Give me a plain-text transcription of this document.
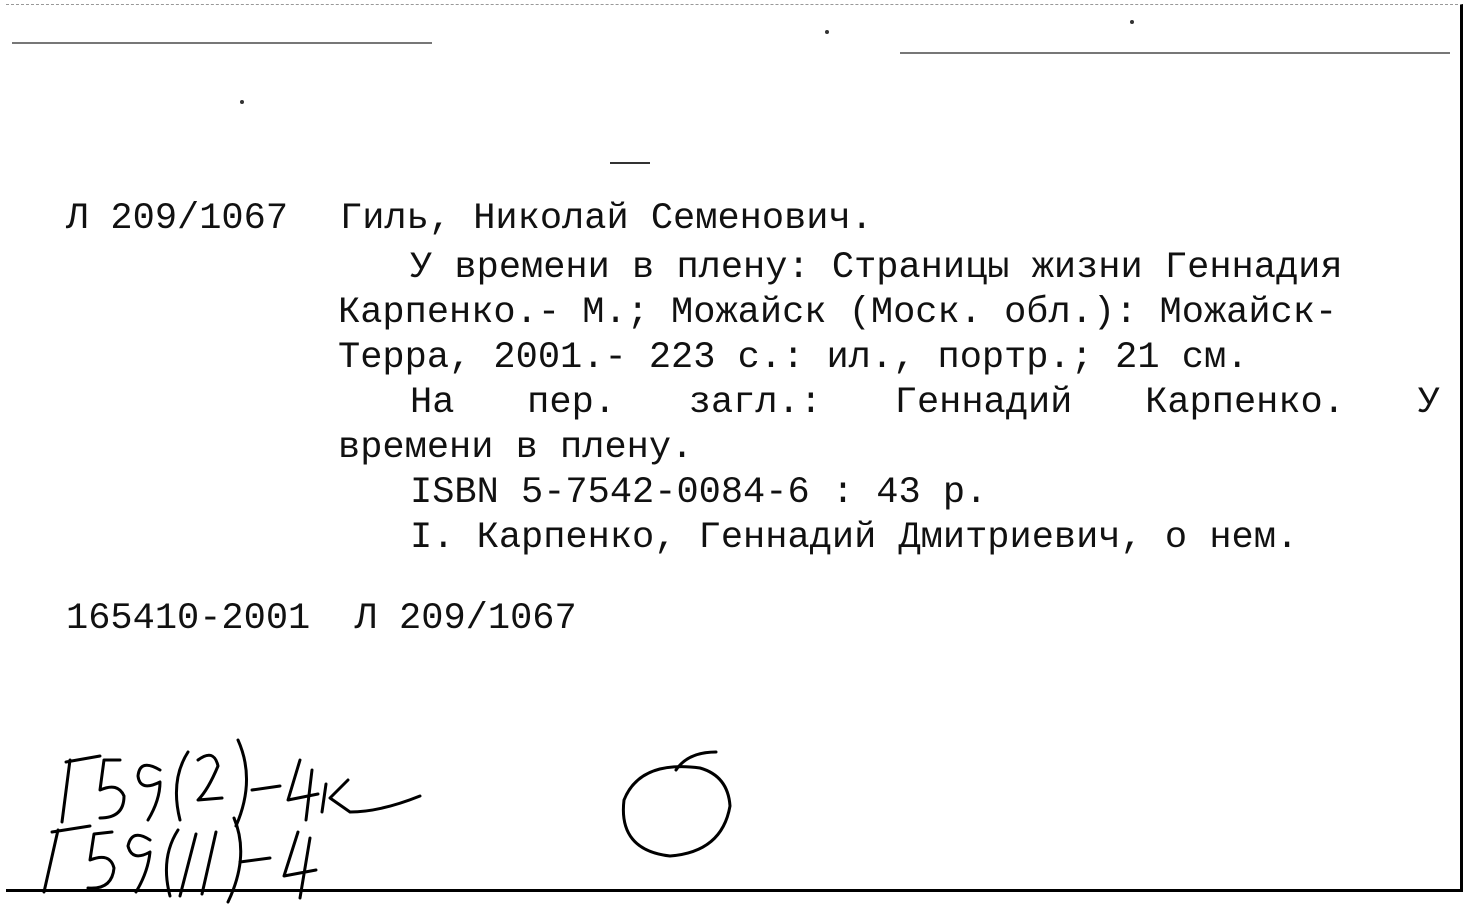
Л 209/1067 Гиль, Николай Семенович.
У времени в плену: Страницы жизни Геннадия
Карпенко.- М.; Можайск (Моск. обл.): Можайск-
Терра, 2001.- 223 с.: ил., портр.; 21 см.
На пер. загл.: Геннадий Карпенко. У
времени в плену.
ISBN 5-7542-0084-6 : 43 р.
I. Карпенко, Геннадий Дмитриевич, о нем.
165410-2001  Л 209/1067
